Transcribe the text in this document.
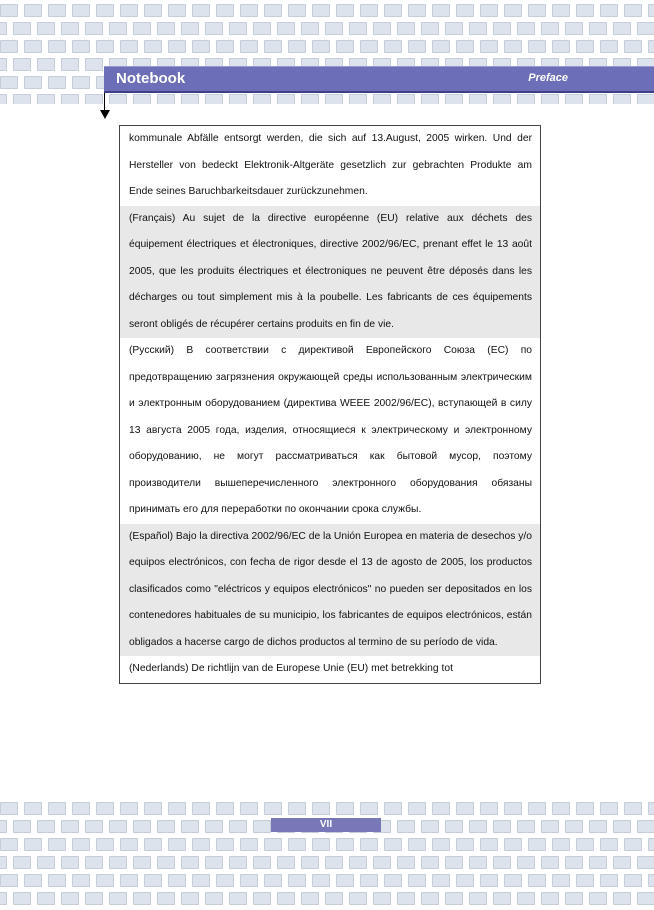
Notebook	Preface
kommunale Abfälle entsorgt werden, die sich auf 13.August, 2005 wirken. Und der Hersteller von bedeckt Elektronik-Altgeräte gesetzlich zur gebrachten Produkte am Ende seines Baruchbarkeitsdauer zurückzunehmen.
(Français) Au sujet de la directive européenne (EU) relative aux déchets des équipement électriques et électroniques, directive 2002/96/EC, prenant effet le 13 août 2005, que les produits électriques et électroniques ne peuvent être déposés dans les décharges ou tout simplement mis à la poubelle. Les fabricants de ces équipements seront obligés de récupérer certains produits en fin de vie.
(Русский) В соответствии с директивой Европейского Союза (ЕС) по предотвращению загрязнения окружающей среды использованным электрическим и электронным оборудованием (директива WEEE 2002/96/EC), вступающей в силу 13 августа 2005 года, изделия, относящиеся к электрическому и электронному оборудованию, не могут рассматриваться как бытовой мусор, поэтому производители вышеперечисленного электронного оборудования обязаны принимать его для переработки по окончании срока службы.
(Español) Bajo la directiva 2002/96/EC de la Unión Europea en materia de desechos y/o equipos electrónicos, con fecha de rigor desde el 13 de agosto de 2005, los productos clasificados como "eléctricos y equipos electrónicos" no pueden ser depositados en los contenedores habituales de su municipio, los fabricantes de equipos electrónicos, están obligados a hacerse cargo de dichos productos al termino de su período de vida.
(Nederlands) De richtlijn van de Europese Unie (EU) met betrekking tot
VII
